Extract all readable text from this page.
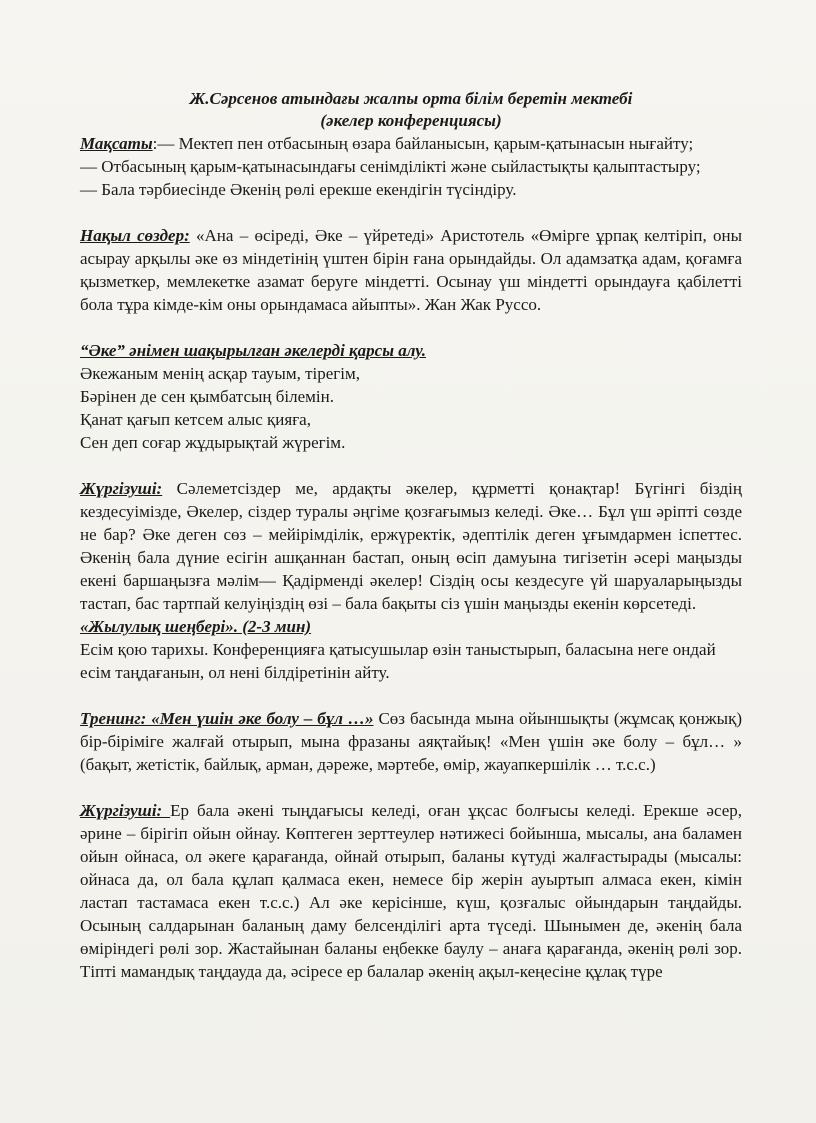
Ж.Сәрсенов атындағы жалпы орта білім беретін мектебі

(әкелер конференциясы)

Мақсаты:— Мектеп пен отбасының өзара байланысын, қарым-қатынасын нығайту;

— Отбасының қарым-қатынасындағы сенімділікті және сыйластықты қалыптастыру;

— Бала тәрбиесінде Әкенің рөлі ерекше екендігін түсіндіру.

Нақыл сөздер: «Ана – өсіреді, Әке – үйретеді» Аристотель «Өмірге ұрпақ келтіріп, оны асырау арқылы әке өз міндетінің үштен бірін ғана орындайды. Ол адамзатқа адам, қоғамға қызметкер, мемлекетке азамат беруге міндетті. Осынау үш міндетті орындауға қабілетті бола тұра кімде-кім оны орындамаса айыпты». Жан Жак Руссо.

“Әке” әнімен шақырылған әкелерді қарсы алу.

Әкежаным менің асқар тауым, тірегім,

Бәрінен де сен қымбатсың білемін.

Қанат қағып кетсем алыс қияға,

Сен деп соғар жұдырықтай жүрегім.

Жүргізуші: Сәлеметсіздер ме, ардақты әкелер, құрметті қонақтар! Бүгінгі біздің кездесуімізде, Әкелер, сіздер туралы әңгіме қозғағымыз келеді. Әке… Бұл үш әріпті сөзде не бар? Әке деген сөз – мейірімділік, ержүректік, әдептілік деген ұғымдармен іспеттес. Әкенің бала дүние есігін ашқаннан бастап, оның өсіп дамуына тигізетін әсері маңызды екені баршаңызға мәлім— Қадірменді әкелер! Сіздің осы кездесуге үй шаруаларыңызды тастап, бас тартпай келуіңіздің өзі – бала бақыты сіз үшін маңызды екенін көрсетеді.

«Жылулық шеңбері». (2-3 мин)

Есім қою тарихы. Конференцияға қатысушылар өзін таныстырып, баласына неге ондай есім таңдағанын, ол нені білдіретінін айту.

Тренинг: «Мен үшін әке болу – бұл …» Сөз басында мына ойыншықты (жұмсақ қонжық) бір-біріміге жалғай отырып, мына фразаны аяқтайық! «Мен үшін әке болу – бұл… » (бақыт, жетістік, байлық, арман, дәреже, мәртебе, өмір, жауапкершілік … т.с.с.)

Жүргізуші: Ер бала әкені тыңдағысы келеді, оған ұқсас болғысы келеді. Ерекше әсер, әрине – бірігіп ойын ойнау. Көптеген зерттеулер нәтижесі бойынша, мысалы, ана баламен ойын ойнаса, ол әкеге қарағанда, ойнай отырып, баланы күтуді жалғастырады (мысалы: ойнаса да, ол бала құлап қалмаса екен, немесе бір жерін ауыртып алмаса екен, кімін ластап тастамаса екен т.с.с.) Ал әке керісінше, күш, қозғалыс ойындарын таңдайды. Осының салдарынан баланың даму белсенділігі арта түседі. Шынымен де, әкенің бала өміріндегі рөлі зор. Жастайынан баланы еңбекке баулу – анаға қарағанда, әкенің рөлі зор. Тіпті мамандық таңдауда да, әсіресе ер балалар әкенің ақыл-кеңесіне құлақ түре
